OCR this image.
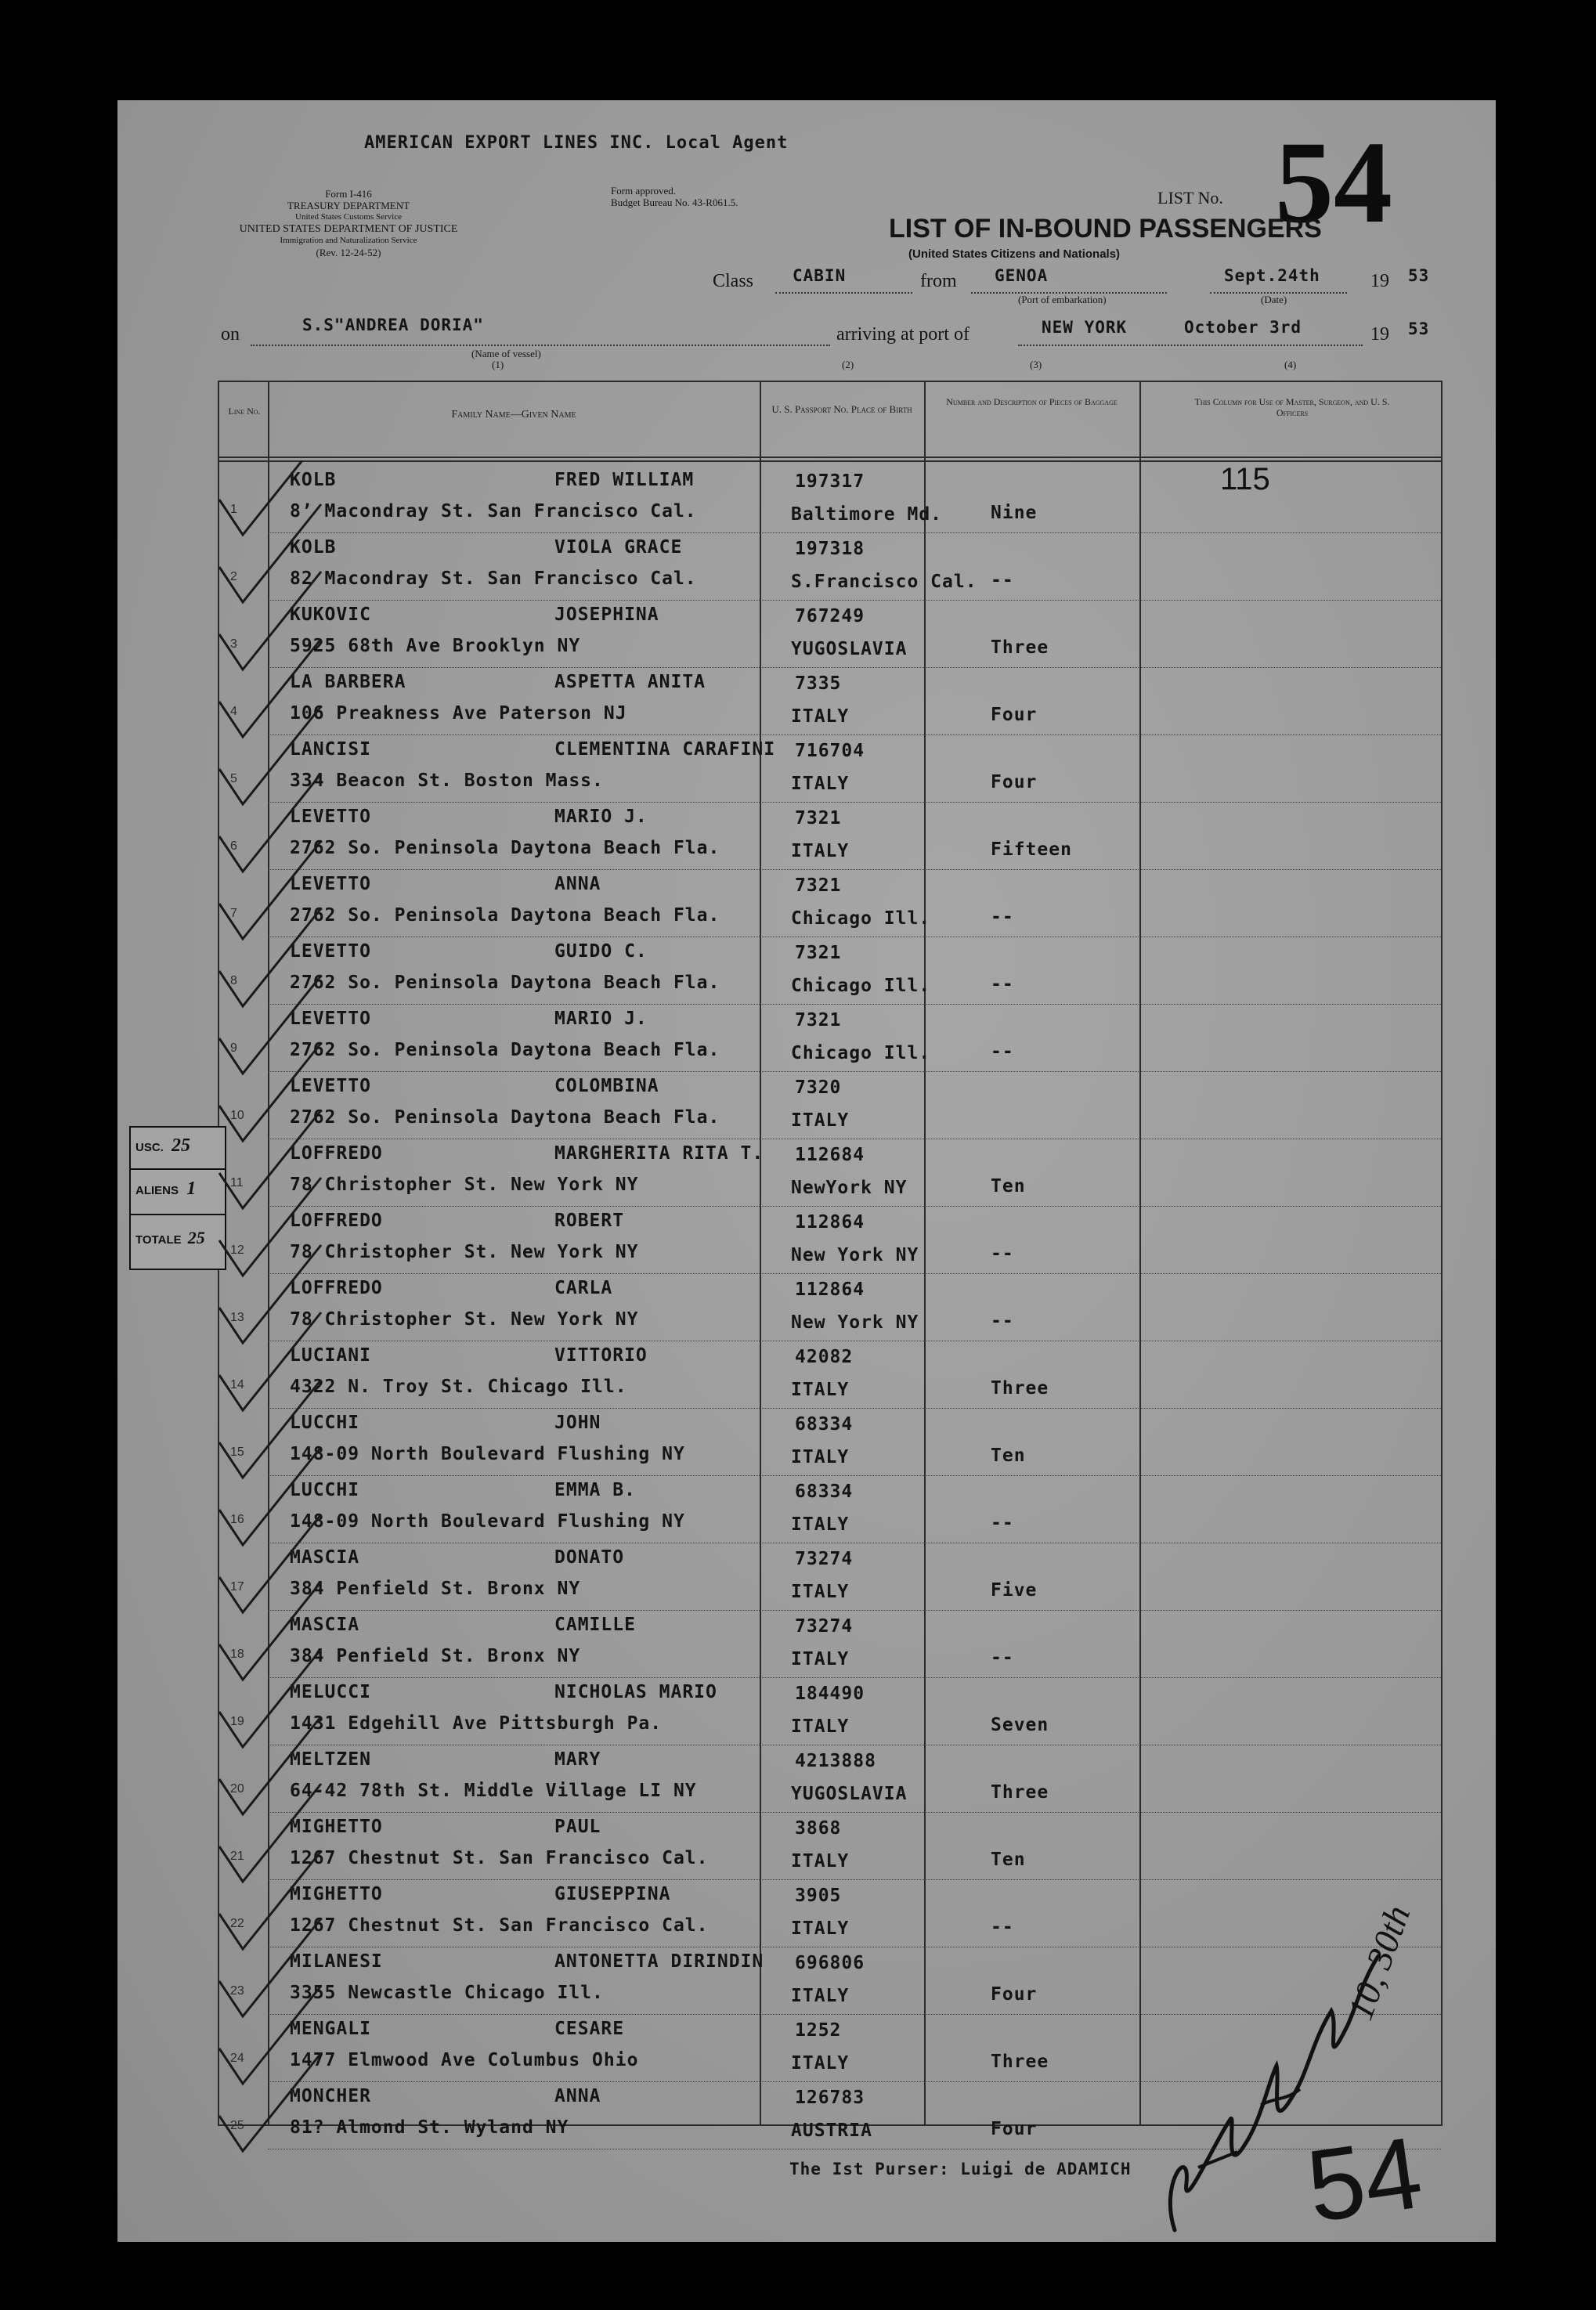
AMERICAN EXPORT LINES INC. Local Agent
Form I-416
TREASURY DEPARTMENT
United States Customs Service
UNITED STATES DEPARTMENT OF JUSTICE
Immigration and Naturalization Service
(Rev. 12-24-52)
Form approved.
Budget Bureau No. 43-R061.5.	LIST No. 54
LIST OF IN-BOUND PASSENGERS
(United States Citizens and Nationals)
Class CABIN	from GENOA
(Port of embarkation)
Sept.24th	19 53
(Date)
on	S.S"ANDREA DORIA"
(Name of vessel)
(1)
arriving at port of	NEW YORK	October 3rd	19 53
(2)	(3)	(4)
Line No.	Family Name—Given Name	U. S. Passport No. Place of Birth
Number and Description of Pieces of Baggage	This Column for Use of Master, Surgeon, and U. S. Officers
1
KOLB	FRED WILLIAM
8’ Macondray St. San Francisco Cal.
197317
Baltimore Md.	Nine
2
KOLB	VIOLA GRACE
82 Macondray St. San Francisco Cal.
197318
S.Francisco Cal. --
3
KUKOVIC	JOSEPHINA
5925 68th Ave Brooklyn NY
767249
YUGOSLAVIA	Three
4
LA BARBERA	ASPETTA ANITA
106 Preakness Ave Paterson NJ
7335
ITALY	Four
5
LANCISI	CLEMENTINA CARAFINI
334 Beacon St. Boston Mass.
716704
ITALY	Four
6
LEVETTO	MARIO J.
2762 So. Peninsola Daytona Beach Fla.
7321
ITALY	Fifteen
7
LEVETTO	ANNA
2762 So. Peninsola Daytona Beach Fla.
7321
Chicago Ill.	--
8
LEVETTO	GUIDO C.
2762 So. Peninsola Daytona Beach Fla.
7321
Chicago Ill.	--
9
LEVETTO	MARIO J.
2762 So. Peninsola Daytona Beach Fla.
7321
Chicago Ill.	--
10
LEVETTO	COLOMBINA
2762 So. Peninsola Daytona Beach Fla.
7320
ITALY
11
LOFFREDO	MARGHERITA RITA T.
78 Christopher St. New York NY
112684
NewYork NY	Ten
12
LOFFREDO	ROBERT
78 Christopher St. New York NY
112864
New York NY	--
13
LOFFREDO	CARLA
78 Christopher St. New York NY
112864
New York NY	--
14
LUCIANI	VITTORIO
4322 N. Troy St. Chicago Ill.
42082
ITALY	Three
15
LUCCHI	JOHN
148-09 North Boulevard Flushing NY
68334
ITALY	Ten
16
LUCCHI	EMMA B.
148-09 North Boulevard Flushing NY
68334
ITALY	--
17
MASCIA	DONATO
384 Penfield St. Bronx NY
73274
ITALY	Five
18
MASCIA	CAMILLE
384 Penfield St. Bronx NY
73274
ITALY	--
19
MELUCCI	NICHOLAS MARIO
1431 Edgehill Ave Pittsburgh Pa.
184490
ITALY	Seven
20
MELTZEN	MARY
64-42 78th St. Middle Village LI NY
4213888
YUGOSLAVIA	Three
21
MIGHETTO	PAUL
1267 Chestnut St. San Francisco Cal.
3868
ITALY	Ten
22
MIGHETTO	GIUSEPPINA
1267 Chestnut St. San Francisco Cal.
3905
ITALY	--
23
MILANESI	ANTONETTA DIRINDIN
3355 Newcastle Chicago Ill.
696806
ITALY	Four
24
MENGALI	CESARE
1477 Elmwood Ave Columbus Ohio
1252
ITALY	Three
25
MONCHER	ANNA
81? Almond St. Wyland NY
126783
AUSTRIA	Four
115
USC. 25
ALIENS 1
TOTALE 25
The Ist Purser: Luigi de ADAMICH
10, 30th
54
